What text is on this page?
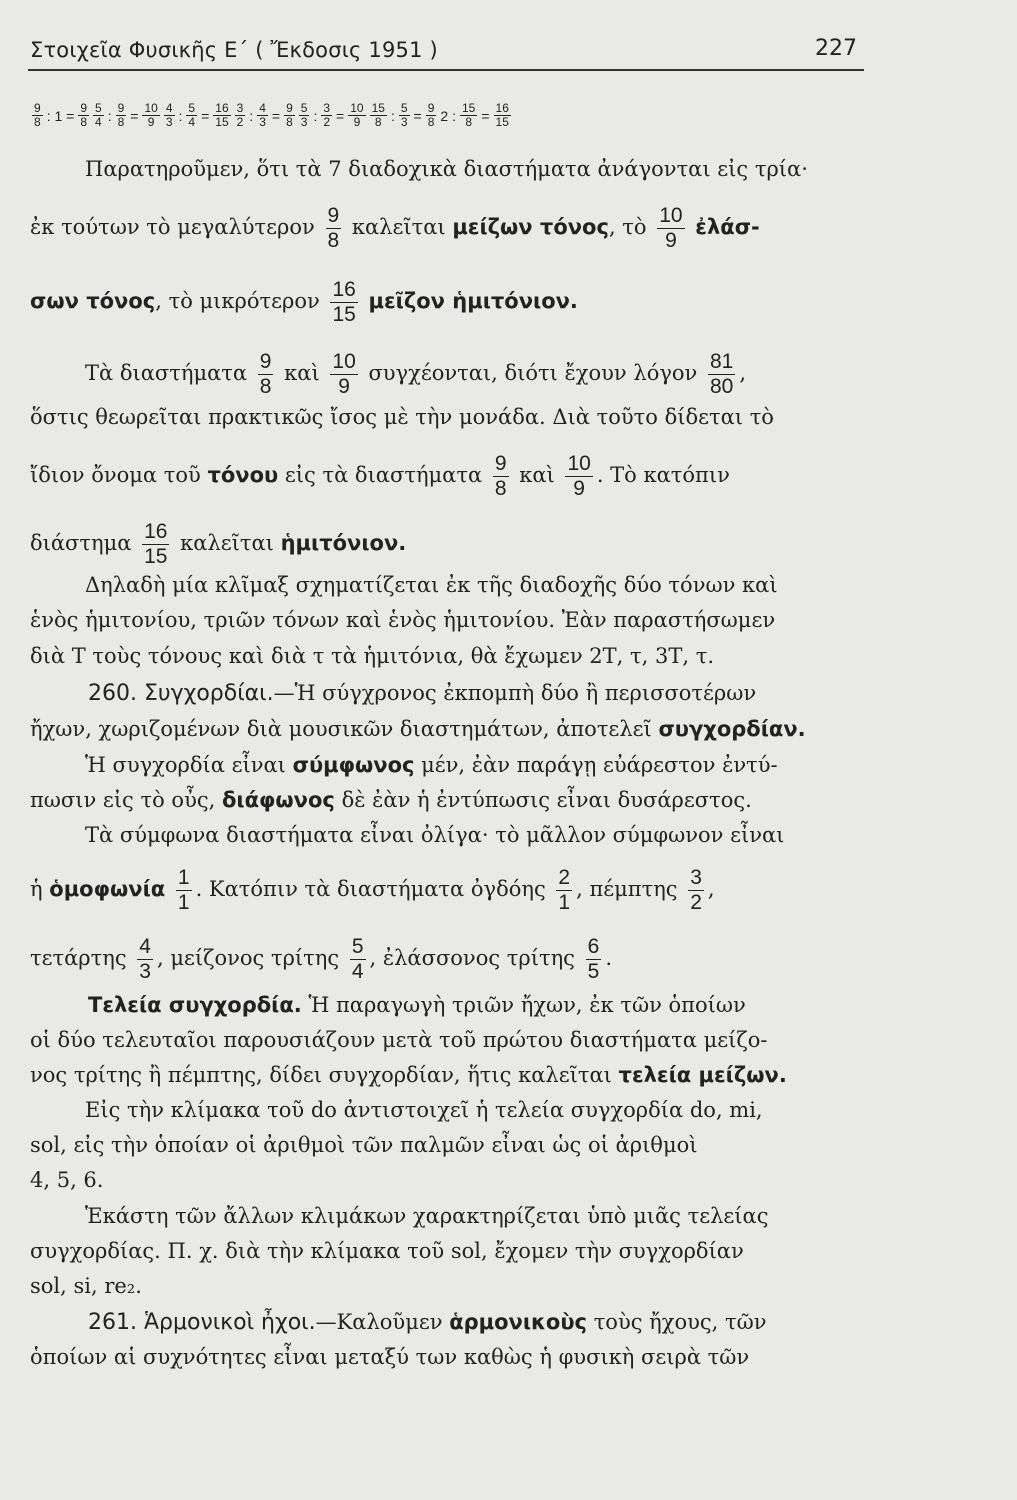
Στοιχεῖα Φυσικῆς Ε΄ ( Ἔκδοσις 1951 )	227
$\frac{9}{8}$ : $1 = \frac{9}{8} \frac{5}{4}$ : $\frac{9}{8} = \frac{10}{9} \frac{4}{3}$ : $\frac{5}{4} = \frac{16}{15} \frac{3}{2}$ : $\frac{4}{3} = \frac{9}{8} \frac{5}{3}$ : $\frac{3}{2} = \frac{10}{9} \frac{15}{8}$ : $\frac{5}{3} = \frac{9}{8} 2$ : $\frac{15}{8} = \frac{16}{15}$
Παρατηροῦμεν, ὅτι τὰ 7 διαδοχικὰ διαστήματα ἀνάγονται εἰς τρία·
ἐκ τούτων τὸ μεγαλύτερον $\frac{9}{8}$ καλεῖται μείζων τόνος, τὸ $\frac{10}{9}$ ἐλάσ-
σων τόνος, τὸ μικρότερον $\frac{16}{15}$ μεῖζον ἡμιτόνιον.
Τὰ διαστήματα $\frac{9}{8}$ καὶ $\frac{10}{9} \sigma\upsilon\gamma\chi έo\nu\tau\alpha\iota$, διότι ἔχουν λόγον $\frac{81}{80}$ ,
ὅστις θεωρεῖται πρακτικῶς ἴσος μὲ τὴν μονάδα. Διὰ τοῦτο δίδεται τὸ
ἴδιον ὄνομα τοῦ τόνου εἰς τὰ διαστήματα $\frac{9}{8}$ καὶ $\frac{10}{9}$ . Τὸ κατόπιν
διάστημα $\frac{16}{15}$ καλεῖται ἡμιτόνιον.
Δηλαδὴ μία κλῖμαξ σχηματίζεται ἐκ τῆς διαδοχῆς δύο τόνων καὶ
ἑνὸς ἡμιτονίου, τριῶν τόνων καὶ ἑνὸς ἡμιτονίου. Ἐὰν παραστήσωμεν
διὰ Τ τοὺς τόνους καὶ διὰ τ τὰ ἡμιτόνια, θὰ ἔχωμεν 2Τ, τ, 3Τ, τ.
260. Συγχορδίαι.—Ἡ σύγχρονος ἐκπομπὴ δύο ἢ περισσοτέρων
ἤχων, χωριζομένων διὰ μουσικῶν διαστημάτων, ἀποτελεῖ συγχορδίαν.
Ἡ συγχορδία εἶναι σύμφωνος μέν, ἐὰν παράγῃ εὐάρεστον ἐντύ-
πωσιν εἰς τὸ οὖς, διάφωνος δὲ ἐὰν ἡ ἐντύπωσις εἶναι δυσάρεστος.
Τὰ σύμφωνα διαστήματα εἶναι ὀλίγα· τὸ μᾶλλον σύμφωνον εἶναι
ἡ ὁμοφωνία $\frac{1}{1}$ . Κατόπιν τὰ διαστήματα ὀγδόης $\frac{2}{1}$ , πέμπτης $\frac{3}{2}$ ,
τετάρτης $\frac{4}{3}$ , μείζονος τρίτης $\frac{5}{4}$ , ἐλάσσονος τρίτης $\frac{6}{5}$ .
Τελεία συγχορδία. Ἡ παραγωγὴ τριῶν ἤχων, ἐκ τῶν ὁποίων
οἱ δύο τελευταῖοι παρουσιάζουν μετὰ τοῦ πρώτου διαστήματα μείζο-
νος τρίτης ἢ πέμπτης, δίδει συγχορδίαν, ἥτις καλεῖται τελεία μείζων.
Εἰς τὴν κλίμακα τοῦ do ἀντιστοιχεῖ ἡ τελεία συγχορδία do, mi,
sol, εἰς τὴν ὁποίαν οἱ ἀριθμοὶ τῶν παλμῶν εἶναι ὡς οἱ ἀριθμοὶ
4, 5, 6.
Ἑκάστη τῶν ἄλλων κλιμάκων χαρακτηρίζεται ὑπὸ μιᾶς τελείας
συγχορδίας. Π. χ. διὰ τὴν κλίμακα τοῦ sol, ἔχομεν τὴν συγχορδίαν
sol, si, re₂.
261. Ἁρμονικοὶ ἦχοι.—Καλοῦμεν ἁρμονικοὺς τοὺς ἤχους, τῶν
ὁποίων αἱ συχνότητες εἶναι μεταξύ των καθὼς ἡ φυσικὴ σειρὰ τῶν
